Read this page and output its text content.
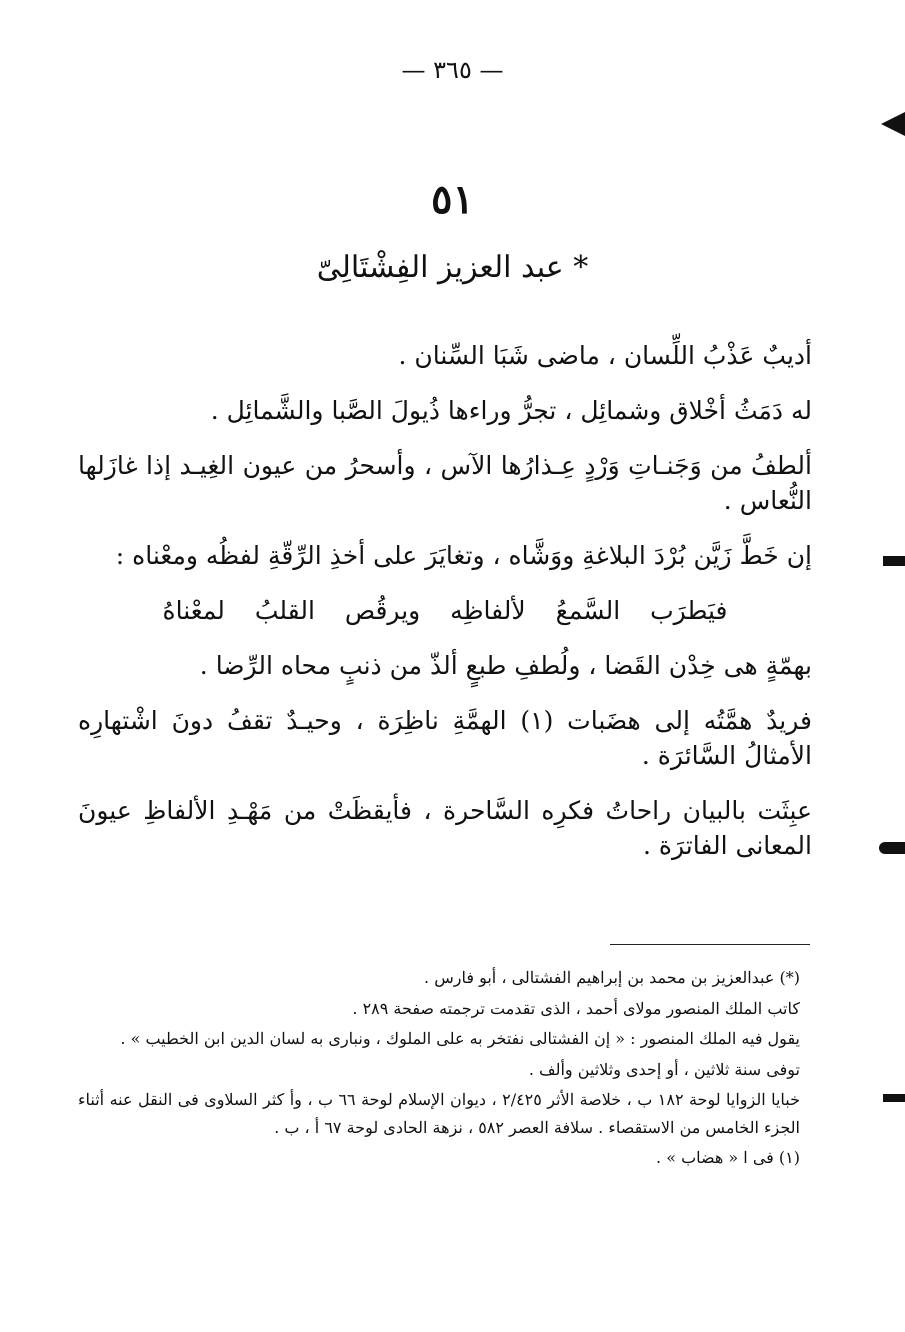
— ٣٦٥ —
٥١
عبد العزيز الفِشْتَالِىّ *

أديبٌ عَذْبُ اللِّسان ، ماضى شَبَا السِّنان .

له دَمَثُ أخْلاق وشمائِل ، تجرُّ وراءها ذُيولَ الصَّبا والشَّمائِل .

ألطفُ من وَجَنـاتِ وَرْدٍ عِـذارُها الآس ، وأسحرُ من عيون الغِيـد إذا غازَلها النُّعاس .

إن خَطَّ زَيَّن بُرْدَ البلاغةِ ووَشَّاه ، وتغايَرَ على أخذِ الرِّقّةِ لفظُه ومعْناه :

فيَطرَب السَّمعُ لألفاظِه ويرقُص القلبُ لمعْناهُ

بهمّةٍ هى خِدْن القَضا ، ولُطفِ طبعٍ ألذّ من ذنبٍ محاه الرِّضا .

فريدٌ همَّتُه إلى هضَبات (١) الهمَّةِ ناظِرَة ، وحيـدٌ تقفُ دونَ اشْتهارِه الأمثالُ السَّائرَة .

عبِثَت بالبيان راحاتُ فكرِه السَّاحرة ، فأيقظَتْ من مَهْـدِ الألفاظِ عيونَ المعانى الفاترَة .

(*) عبدالعزيز بن محمد بن إبراهيم الفشتالى ، أبو فارس .

كاتب الملك المنصور مولاى أحمد ، الذى تقدمت ترجمته صفحة ٢٨٩ .

يقول فيه الملك المنصور : « إن الفشتالى نفتخر به على الملوك ، ونبارى به لسان الدين ابن الخطيب » .

توفى سنة ثلاثين ، أو إحدى وثلاثين وألف .

خبايا الزوايا لوحة ١٨٢ ب ، خلاصة الأثر ٢/٤٢٥ ، ديوان الإسلام لوحة ٦٦ ب ، وأ كثر السلاوى فى النقل عنه أثناء الجزء الخامس من الاستقصاء . سلافة العصر ٥٨٢ ، نزهة الحادى لوحة ٦٧ أ ، ب .

(١) فى ا « هضاب » .
